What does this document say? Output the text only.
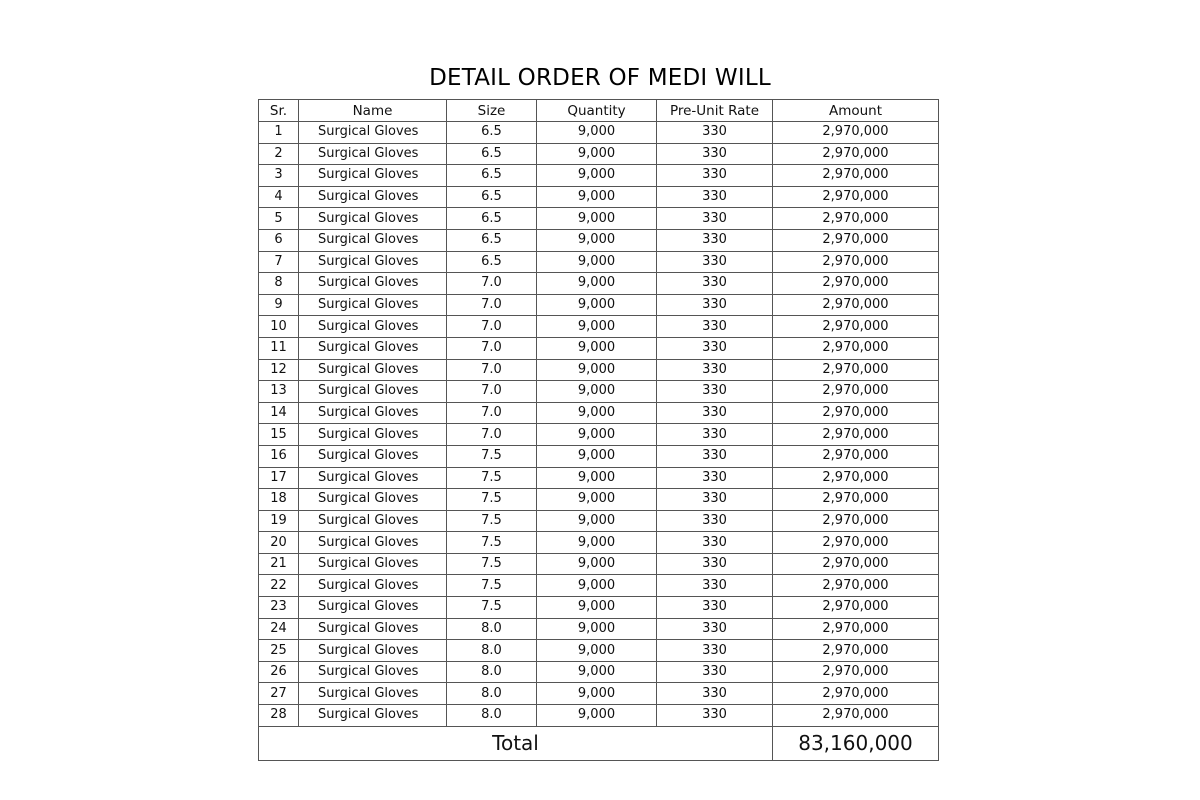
DETAIL ORDER OF MEDI WILL
Sr.	Name	Size	Quantity	Pre-Unit Rate	Amount
1	Surgical Gloves	6.5	9,000	330	2,970,000
2	Surgical Gloves	6.5	9,000	330	2,970,000
3	Surgical Gloves	6.5	9,000	330	2,970,000
4	Surgical Gloves	6.5	9,000	330	2,970,000
5	Surgical Gloves	6.5	9,000	330	2,970,000
6	Surgical Gloves	6.5	9,000	330	2,970,000
7	Surgical Gloves	6.5	9,000	330	2,970,000
8	Surgical Gloves	7.0	9,000	330	2,970,000
9	Surgical Gloves	7.0	9,000	330	2,970,000
10	Surgical Gloves	7.0	9,000	330	2,970,000
11	Surgical Gloves	7.0	9,000	330	2,970,000
12	Surgical Gloves	7.0	9,000	330	2,970,000
13	Surgical Gloves	7.0	9,000	330	2,970,000
14	Surgical Gloves	7.0	9,000	330	2,970,000
15	Surgical Gloves	7.0	9,000	330	2,970,000
16	Surgical Gloves	7.5	9,000	330	2,970,000
17	Surgical Gloves	7.5	9,000	330	2,970,000
18	Surgical Gloves	7.5	9,000	330	2,970,000
19	Surgical Gloves	7.5	9,000	330	2,970,000
20	Surgical Gloves	7.5	9,000	330	2,970,000
21	Surgical Gloves	7.5	9,000	330	2,970,000
22	Surgical Gloves	7.5	9,000	330	2,970,000
23	Surgical Gloves	7.5	9,000	330	2,970,000
24	Surgical Gloves	8.0	9,000	330	2,970,000
25	Surgical Gloves	8.0	9,000	330	2,970,000
26	Surgical Gloves	8.0	9,000	330	2,970,000
27	Surgical Gloves	8.0	9,000	330	2,970,000
28	Surgical Gloves	8.0	9,000	330	2,970,000
Total					83,160,000
